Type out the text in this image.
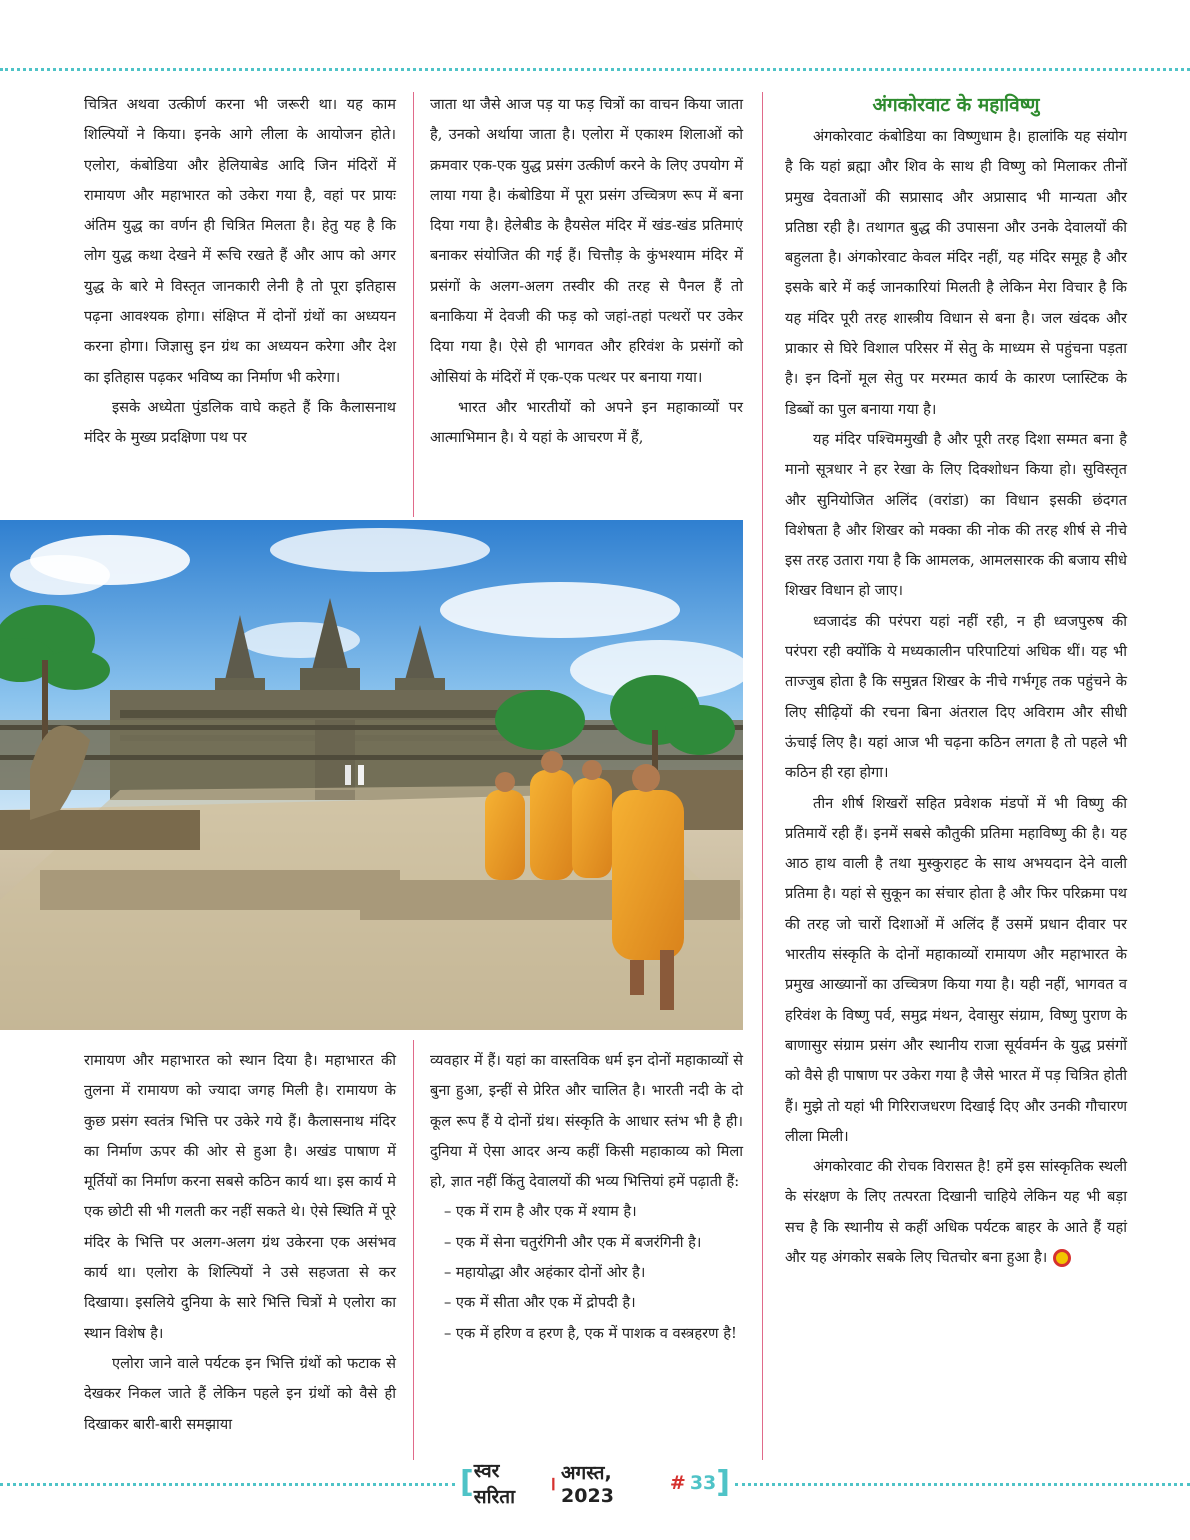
चित्रित अथवा उत्कीर्ण करना भी जरूरी था। यह काम शिल्पियों ने किया। इनके आगे लीला के आयोजन होते। एलोरा, कंबोडिया और हेलियाबेड आदि जिन मंदिरों में रामायण और महाभारत को उकेरा गया है, वहां पर प्रायः अंतिम युद्ध का वर्णन ही चित्रित मिलता है। हेतु यह है कि लोग युद्ध कथा देखने में रूचि रखते हैं और आप को अगर युद्ध के बारे मे विस्तृत जानकारी लेनी है तो पूरा इतिहास पढ़ना आवश्यक होगा। संक्षिप्त में दोनों ग्रंथों का अध्ययन करना होगा। जिज्ञासु इन ग्रंथ का अध्ययन करेगा और देश का इतिहास पढ़कर भविष्य का निर्माण भी करेगा।

इसके अध्येता पुंडलिक वाघे कहते हैं कि कैलासनाथ मंदिर के मुख्य प्रदक्षिणा पथ पर

जाता था जैसे आज पड़ या फड़ चित्रों का वाचन किया जाता है, उनको अर्थाया जाता है। एलोरा में एकाश्म शिलाओं को क्रमवार एक-एक युद्ध प्रसंग उत्कीर्ण करने के लिए उपयोग में लाया गया है। कंबोडिया में पूरा प्रसंग उच्चित्रण रूप में बना दिया गया है। हेलेबीड के हैयसेल मंदिर में खंड-खंड प्रतिमाएं बनाकर संयोजित की गई हैं। चित्तौड़ के कुंभश्याम मंदिर में प्रसंगों के अलग-अलग तस्वीर की तरह से पैनल हैं तो बनाकिया में देवजी की फड़ को जहां-तहां पत्थरों पर उकेर दिया गया है। ऐसे ही भागवत और हरिवंश के प्रसंगों को ओसियां के मंदिरों में एक-एक पत्थर पर बनाया गया।

भारत और भारतीयों को अपने इन महाकाव्यों पर आत्माभिमान है। ये यहां के आचरण में हैं,

रामायण और महाभारत को स्थान दिया है। महाभारत की तुलना में रामायण को ज्यादा जगह मिली है। रामायण के कुछ प्रसंग स्वतंत्र भित्ति पर उकेरे गये हैं। कैलासनाथ मंदिर का निर्माण ऊपर की ओर से हुआ है। अखंड पाषाण में मूर्तियों का निर्माण करना सबसे कठिन कार्य था। इस कार्य मे एक छोटी सी भी गलती कर नहीं सकते थे। ऐसे स्थिति में पूरे मंदिर के भित्ति पर अलग-अलग ग्रंथ उकेरना एक असंभव कार्य था। एलोरा के शिल्पियों ने उसे सहजता से कर दिखाया। इसलिये दुनिया के सारे भित्ति चित्रों मे एलोरा का स्थान विशेष है।

एलोरा जाने वाले पर्यटक इन भित्ति ग्रंथों को फटाक से देखकर निकल जाते हैं लेकिन पहले इन ग्रंथों को वैसे ही दिखाकर बारी-बारी समझाया

व्यवहार में हैं। यहां का वास्तविक धर्म इन दोनों महाकाव्यों से बुना हुआ, इन्हीं से प्रेरित और चालित है। भारती नदी के दो कूल रूप हैं ये दोनों ग्रंथ। संस्कृति के आधार स्तंभ भी है ही। दुनिया में ऐसा आदर अन्य कहीं किसी महाकाव्य को मिला हो, ज्ञात नहीं किंतु देवालयों की भव्य भित्तियां हमें पढ़ाती हैं:

– एक में राम है और एक में श्याम है।

– एक में सेना चतुरंगिनी और एक में बजरंगिनी है।

– महायोद्धा और अहंकार दोनों ओर है।

– एक में सीता और एक में द्रोपदी है।

– एक में हरिण व हरण है, एक में पाशक व वस्त्रहरण है!

अंगकोरवाट के महाविष्णु

अंगकोरवाट कंबोडिया का विष्णुधाम है। हालांकि यह संयोग है कि यहां ब्रह्मा और शिव के साथ ही विष्णु को मिलाकर तीनों प्रमुख देवताओं की सप्रासाद और अप्रासाद भी मान्यता और प्रतिष्ठा रही है। तथागत बुद्ध की उपासना और उनके देवालयों की बहुलता है। अंगकोरवाट केवल मंदिर नहीं, यह मंदिर समूह है और इसके बारे में कई जानकारियां मिलती है लेकिन मेरा विचार है कि यह मंदिर पूरी तरह शास्त्रीय विधान से बना है। जल खंदक और प्राकार से घिरे विशाल परिसर में सेतु के माध्यम से पहुंचना पड़ता है। इन दिनों मूल सेतु पर मरम्मत कार्य के कारण प्लास्टिक के डिब्बों का पुल बनाया गया है।

यह मंदिर पश्चिममुखी है और पूरी तरह दिशा सम्मत बना है मानो सूत्रधार ने हर रेखा के लिए दिक्शोधन किया हो। सुविस्तृत और सुनियोजित अलिंद (वरांडा) का विधान इसकी छंदगत विशेषता है और शिखर को मक्का की नोक की तरह शीर्ष से नीचे इस तरह उतारा गया है कि आमलक, आमलसारक की बजाय सीधे शिखर विधान हो जाए।

ध्वजादंड की परंपरा यहां नहीं रही, न ही ध्वजपुरुष की परंपरा रही क्योंकि ये मध्यकालीन परिपाटियां अधिक थीं। यह भी ताज्जुब होता है कि समुन्नत शिखर के नीचे गर्भगृह तक पहुंचने के लिए सीढ़ियों की रचना बिना अंतराल दिए अविराम और सीधी ऊंचाई लिए है। यहां आज भी चढ़ना कठिन लगता है तो पहले भी कठिन ही रहा होगा।

तीन शीर्ष शिखरों सहित प्रवेशक मंडपों में भी विष्णु की प्रतिमायें रही हैं। इनमें सबसे कौतुकी प्रतिमा महाविष्णु की है। यह आठ हाथ वाली है तथा मुस्कुराहट के साथ अभयदान देने वाली प्रतिमा है। यहां से सुकून का संचार होता है और फिर परिक्रमा पथ की तरह जो चारों दिशाओं में अलिंद हैं उसमें प्रधान दीवार पर भारतीय संस्कृति के दोनों महाकाव्यों रामायण और महाभारत के प्रमुख आख्यानों का उच्चित्रण किया गया है। यही नहीं, भागवत व हरिवंश के विष्णु पर्व, समुद्र मंथन, देवासुर संग्राम, विष्णु पुराण के बाणासुर संग्राम प्रसंग और स्थानीय राजा सूर्यवर्मन के युद्ध प्रसंगों को वैसे ही पाषाण पर उकेरा गया है जैसे भारत में पड़ चित्रित होती हैं। मुझे तो यहां भी गिरिराजधरण दिखाई दिए और उनकी गौचारण लीला मिली।

अंगकोरवाट की रोचक विरासत है! हमें इस सांस्कृतिक स्थली के संरक्षण के लिए तत्परता दिखानी चाहिये लेकिन यह भी बड़ा सच है कि स्थानीय से कहीं अधिक पर्यटक बाहर के आते हैं यहां और यह अंगकोर सबके लिए चितचोर बना हुआ है।

[ स्वर सरिता
। अगस्त, 2023
# 33 ]
